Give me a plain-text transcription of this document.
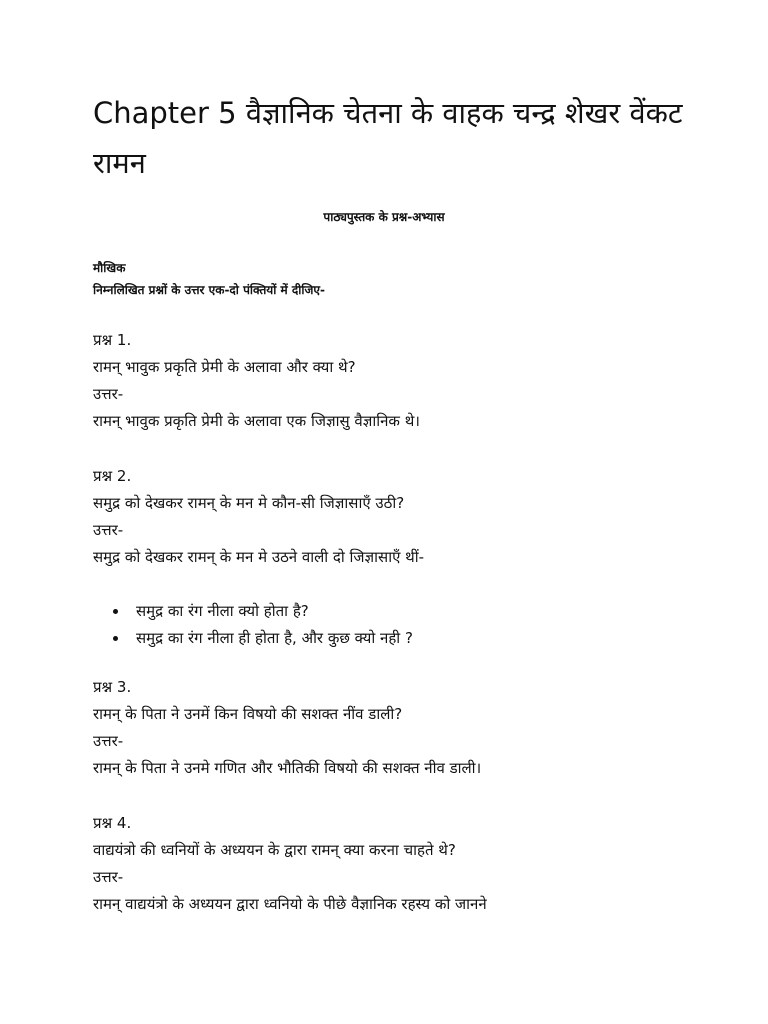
Chapter 5 वैज्ञानिक चेतना के वाहक चन्द्र शेखर वेंकट रामन

पाठ्यपुस्तक के प्रश्न-अभ्यास

मौखिक

निम्नलिखित प्रश्नों के उत्तर एक-दो पंक्तियों में दीजिए-

प्रश्न 1.

रामन् भावुक प्रकृति प्रेमी के अलावा और क्या थे?

उत्तर-

रामन् भावुक प्रकृति प्रेमी के अलावा एक जिज्ञासु वैज्ञानिक थे।

प्रश्न 2.

समुद्र को देखकर रामन् के मन मे कौन-सी जिज्ञासाएँ उठी?

उत्तर-

समुद्र को देखकर रामन् के मन मे उठने वाली दो जिज्ञासाएँ थीं-

समुद्र का रंग नीला क्यो होता है?
समुद्र का रंग नीला ही होता है, और कुछ क्यो नही ?

प्रश्न 3.

रामन् के पिता ने उनमें किन विषयो की सशक्त नींव डाली?

उत्तर-

रामन् के पिता ने उनमे गणित और भौतिकी विषयो की सशक्त नीव डाली।

प्रश्न 4.

वाद्ययंत्रो की ध्वनियों के अध्ययन के द्वारा रामन् क्या करना चाहते थे?

उत्तर-

रामन् वाद्ययंत्रो के अध्ययन द्वारा ध्वनियो के पीछे वैज्ञानिक रहस्य को जानने
